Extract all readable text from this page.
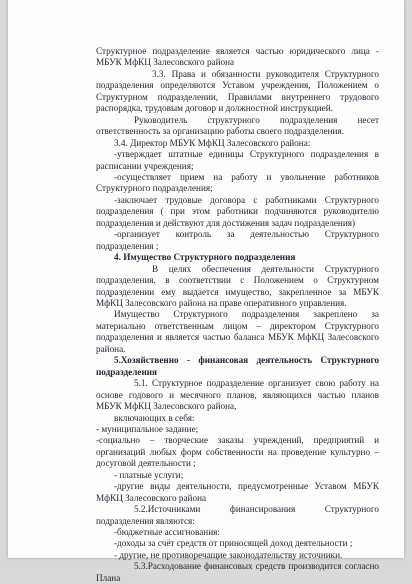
Структурное подразделение является частью юридического лица - МБУК МфКЦ Залесовского района

3.3. Права и обязанности руководителя Структурного подразделения определяются Уставом учреждения, Положением о Структурном подразделении, Правилами внутреннего трудового распорядка, трудовым договор и должностной инструкцией.

Руководитель структурного подразделения несет ответственность за организацию работы своего подразделения.

3.4. Директор МБУК МфКЦ Залесовского района:

-утверждает штатные единицы Структурного подразделения в расписании учреждения;

-осуществляет прием на работу и увольнение работников Структурного подразделения;

-заключает трудовые договора с работниками Структурного подразделения ( при этом работники подчиняются руководителю подразделения и действуют для достижения задач подразделения)

-организует контроль за деятельностью Структурного подразделения ;

4. Имущество Структурного подразделения

В целях обеспечения деятельности Структурного подразделения, в соответствии с Положением о Структурном подразделении ему выдается имущество, закрепленное за МБУК МфКЦ Залесовского района на праве оперативного управления.

Имущество Структурного подразделения закреплено за материально ответственным лицом – директором Структурного подразделения и является частью баланса МБУК МфКЦ Залесовского района.

5.Хозяйственно - финансовая деятельность Структурного подразделения

5.1. Структурное подразделение организует свою работу на основе годового и месячного планов, являющихся частью планов МБУК МфКЦ Залесовского района,

включающих в себя:

- муниципальное задание;

-социально – творческие заказы учреждений, предприятий и организаций любых форм собственности на проведение культурно – досуговой деятельности ;

- платные услуги;

-другие виды деятельности, предусмотренные Уставом МБУК МфКЦ Залесовского района

5.2.Источниками финансирования Структурного подразделения являются:

-бюджетные ассигнования:

-доходы за счёт средств от приносящей доход деятельности ;

- другие, не противоречащие законодательству источники.

5.3.Расходование финансовых средств производится согласно Плана
